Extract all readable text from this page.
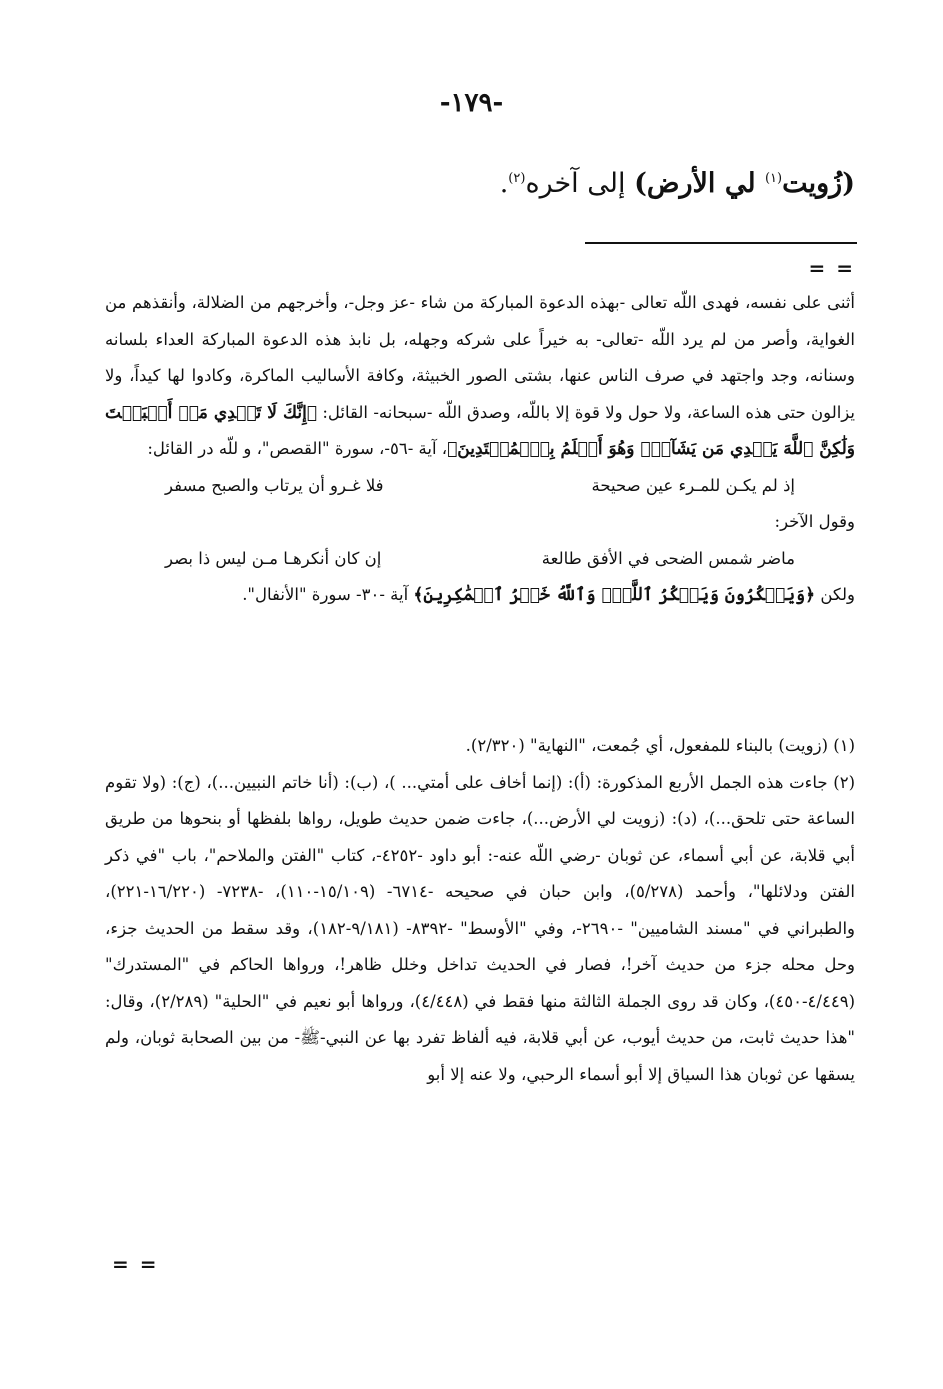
-١٧٩-
(زُويت$^{(١)}$ لي الأرض) إلى آخره$^{(٢)}$.
= =

أثنى على نفسه، فهدى اللّه تعالى -بهذه الدعوة المباركة من شاء -عز وجل-، وأخرجهم من الضلالة، وأنقذهم من الغواية، وأصر من لم يرد اللّه -تعالى- به خيراً على شركه وجهله، بل نابذ هذه الدعوة المباركة العداء بلسانه وسنانه، وجد واجتهد في صرف الناس عنها، بشتى الصور الخبيثة، وكافة الأساليب الماكرة، وكادوا لها كيداً، ولا يزالون حتى هذه الساعة، ولا حول ولا قوة إلا باللّه، وصدق اللّه -سبحانه- القائل: ﴿إِنَّكَ لَا تَهۡدِي مَنۡ أَحۡبَبۡتَ وَلَٰكِنَّ ٱللَّهَ يَهۡدِي مَن يَشَآءُۚ وَهُوَ أَعۡلَمُ بِٱلۡمُهۡتَدِينَ﴾، آية -٥٦-، سورة "القصص"، و للّه در القائل:

إذ لم يكـن للمـرء عين صحيحة
فلا غـرو أن يرتاب والصبح مسفر

وقول الآخر:

ماضر شمس الضحى في الأفق طالعة
إن كان أنكرهـا مـن ليس ذا بصر

ولكن ﴿وَيَمۡكُرُونَ وَيَمۡكُرُ ٱللَّهُۖ وَٱللَّهُ خَيۡرُ ٱلۡمَٰكِرِينَ﴾ آية -٣٠- سورة "الأنفال".

(١) (زويت) بالبناء للمفعول، أي جُمعت، "النهاية" (٢/٣٢٠).

(٢) جاءت هذه الجمل الأربع المذكورة: (أ): (إنما أخاف على أمتي... )، (ب): (أنا خاتم النبيين...)، (ج): (ولا تقوم الساعة حتى تلحق...)، (د): (زويت لي الأرض...)، جاءت ضمن حديث طويل، رواها بلفظها أو بنحوها من طريق أبي قلابة، عن أبي أسماء، عن ثوبان -رضي اللّه عنه-: أبو داود -٤٢٥٢-، كتاب "الفتن والملاحم"، باب "في ذكر الفتن ودلائلها"، وأحمد (٥/٢٧٨)، وابن حبان في صحيحه -٦٧١٤- (١٥/١٠٩-١١٠)، -٧٢٣٨- (١٦/٢٢٠-٢٢١)، والطبراني في "مسند الشاميين" -٢٦٩٠-، وفي "الأوسط" -٨٣٩٢- (٩/١٨١-١٨٢)، وقد سقط من الحديث جزء، وحل محله جزء من حديث آخر!، فصار في الحديث تداخل وخلل ظاهر!، ورواها الحاكم في "المستدرك" (٤/٤٤٩-٤٥٠)، وكان قد روى الجملة الثالثة منها فقط في (٤/٤٤٨)، ورواها أبو نعيم في "الحلية" (٢/٢٨٩)، وقال: "هذا حديث ثابت، من حديث أيوب، عن أبي قلابة، فيه ألفاظ تفرد بها عن النبي-ﷺ- من بين الصحابة ثوبان، ولم يسقها عن ثوبان هذا السياق إلا أبو أسماء الرحبي، ولا عنه إلا أبو

= =
